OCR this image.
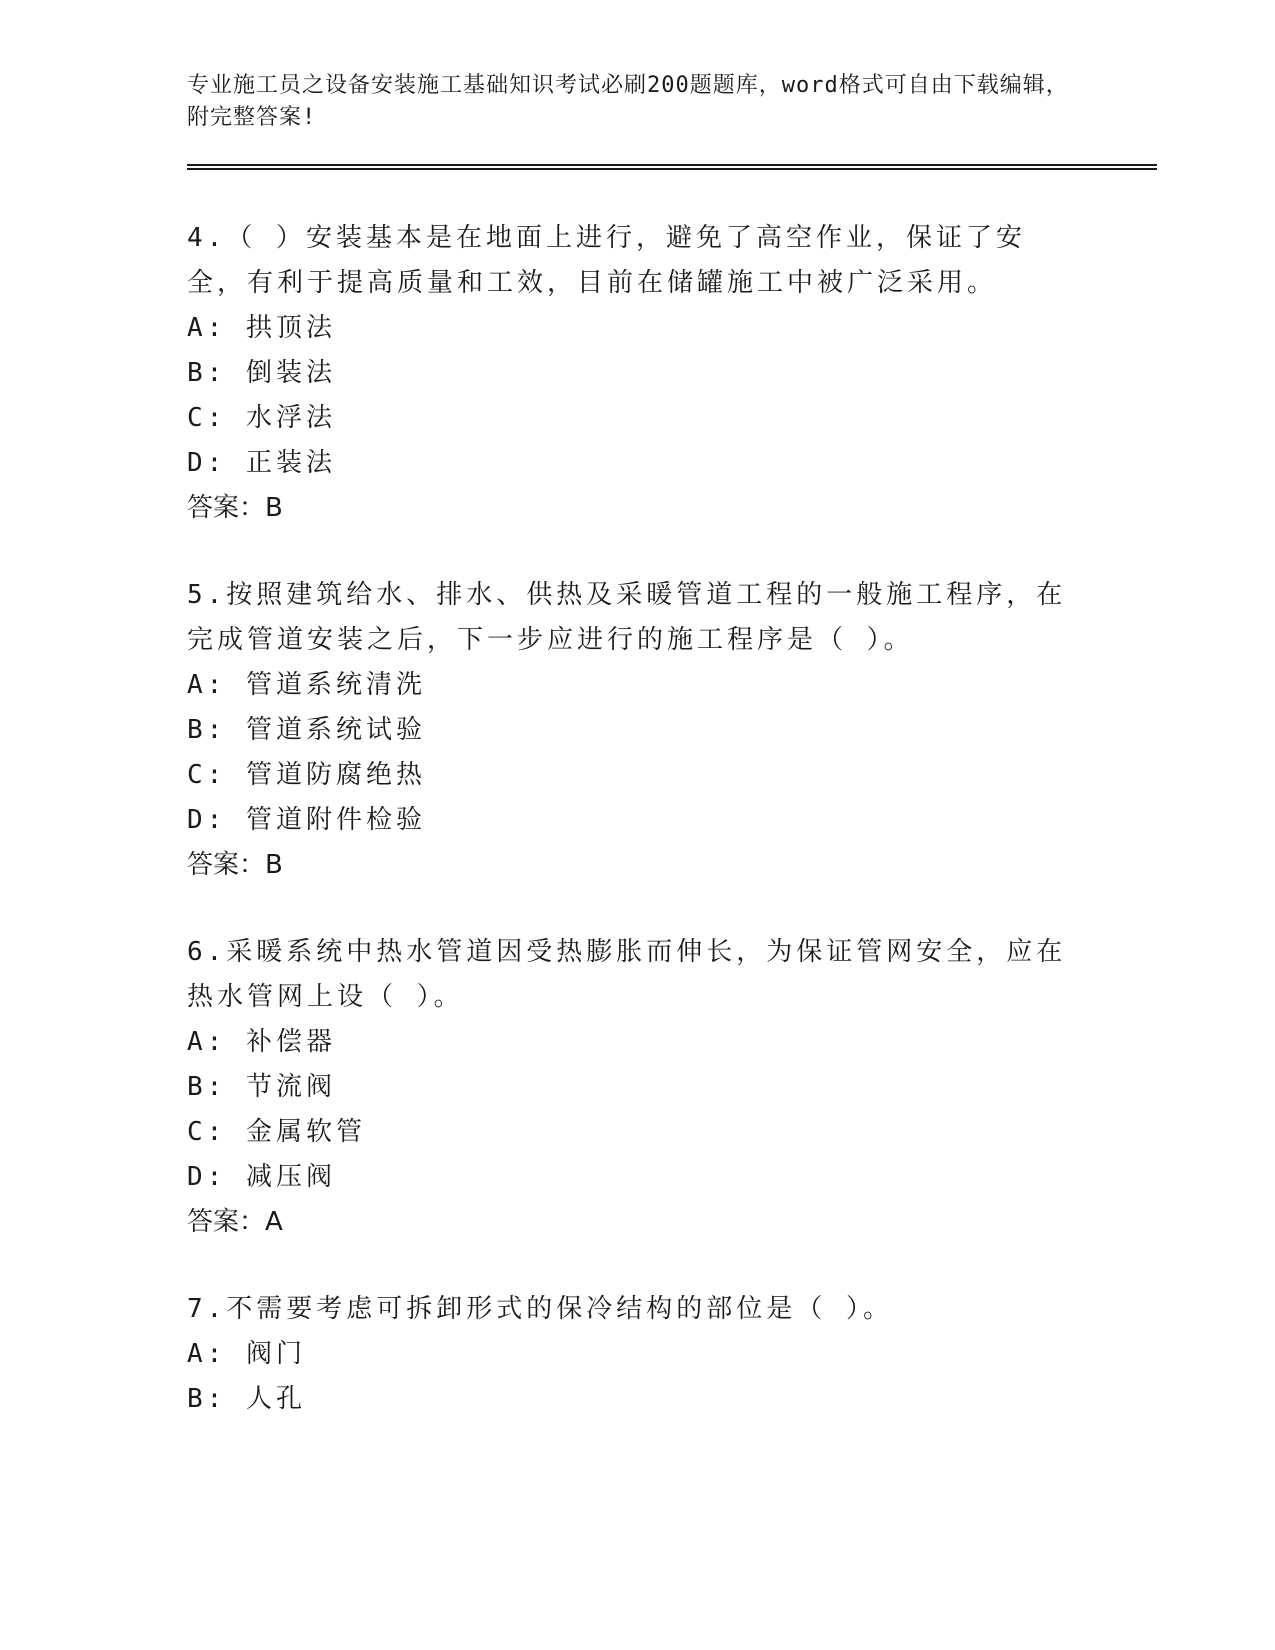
专业施工员之设备安装施工基础知识考试必刷200题题库，word格式可自由下载编辑，附完整答案!

4.（ ）安装基本是在地面上进行，避免了高空作业，保证了安全，有利于提高质量和工效，目前在储罐施工中被广泛采用。

A: 拱顶法

B: 倒装法

C: 水浮法

D: 正装法

答案：B

5.按照建筑给水、排水、供热及采暖管道工程的一般施工程序，在完成管道安装之后，下一步应进行的施工程序是（ ）。

A: 管道系统清洗

B: 管道系统试验

C: 管道防腐绝热

D: 管道附件检验

答案：B

6.采暖系统中热水管道因受热膨胀而伸长，为保证管网安全，应在热水管网上设（ ）。

A: 补偿器

B: 节流阀

C: 金属软管

D: 减压阀

答案：A

7.不需要考虑可拆卸形式的保冷结构的部位是（ ）。

A: 阀门

B: 人孔
